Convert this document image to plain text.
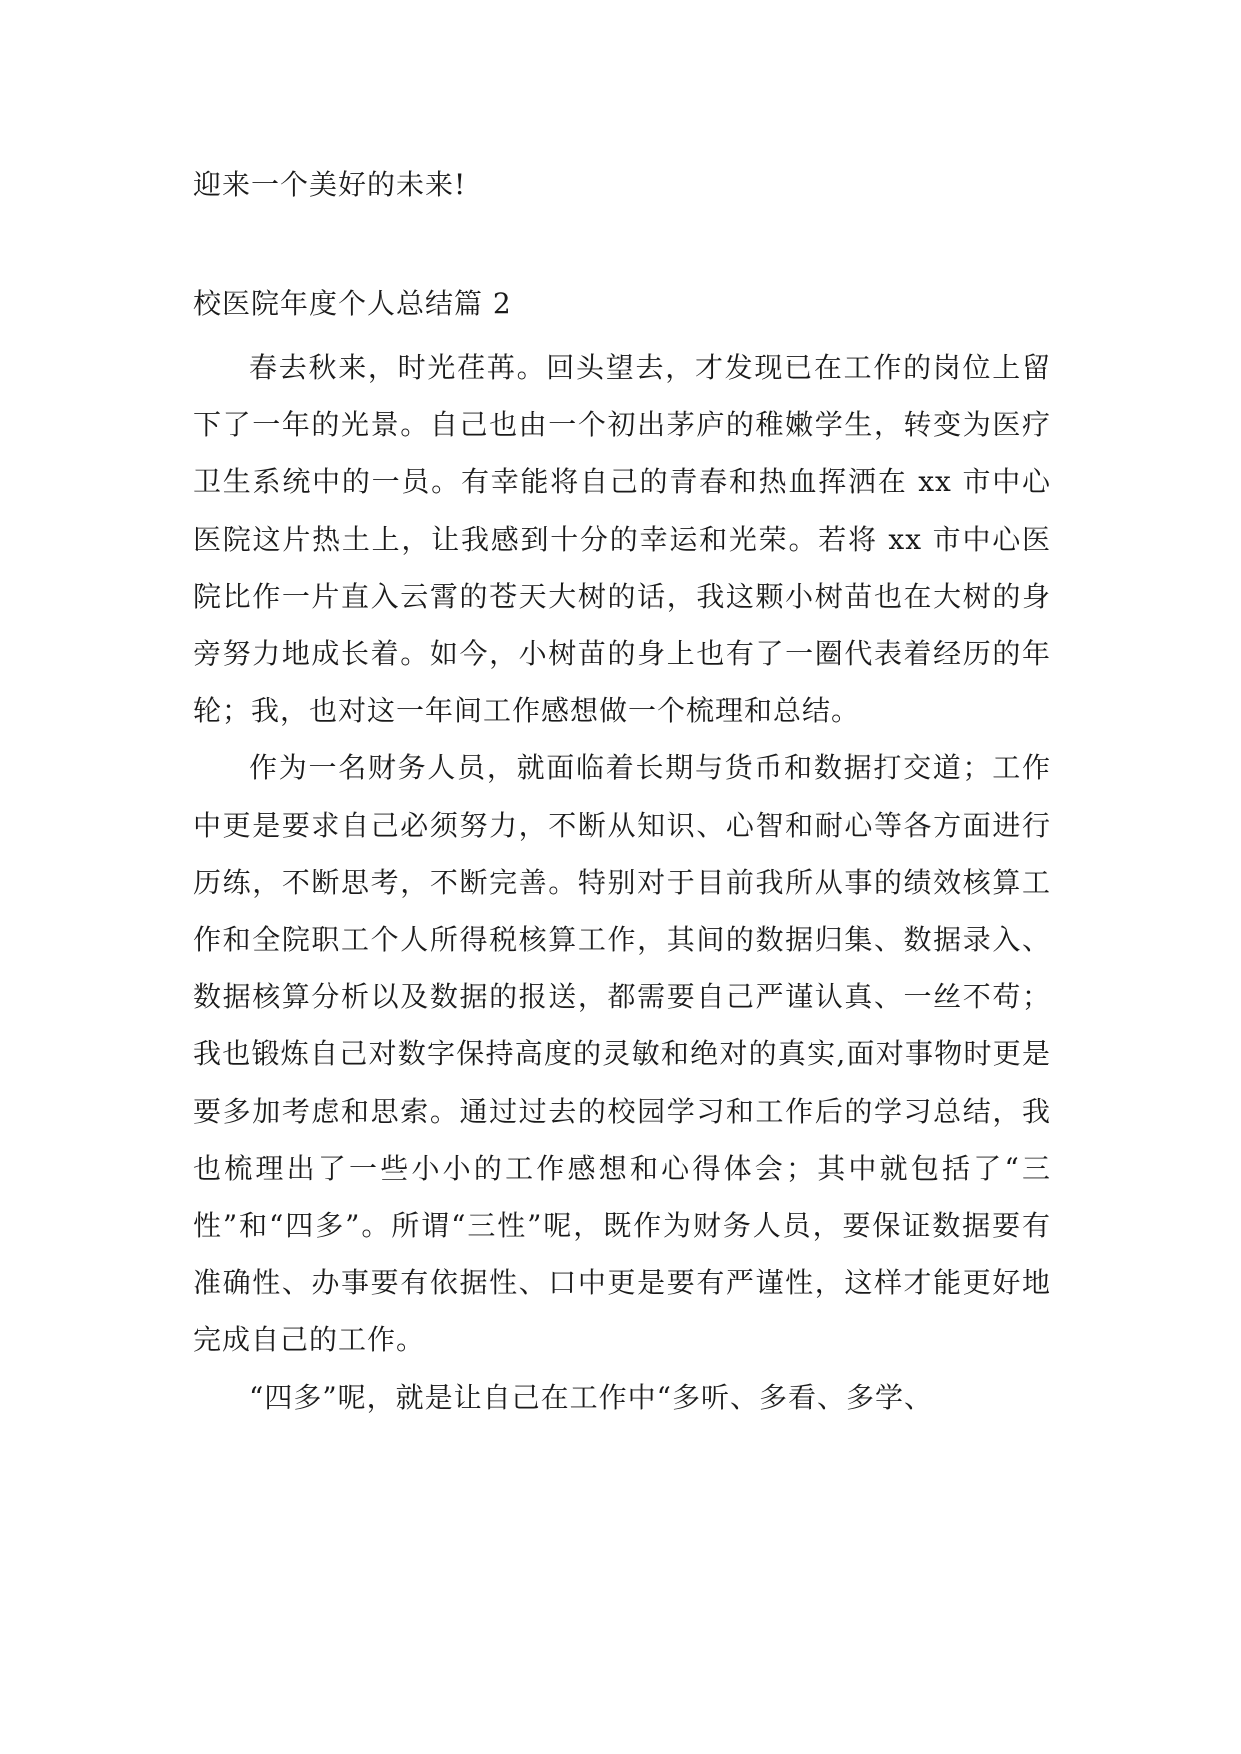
迎来一个美好的未来!
校医院年度个人总结篇 2

春去秋来，时光荏苒。回头望去，才发现已在工作的岗位上留下了一年的光景。自己也由一个初出茅庐的稚嫩学生，转变为医疗卫生系统中的一员。有幸能将自己的青春和热血挥洒在 xx 市中心医院这片热土上，让我感到十分的幸运和光荣。若将 xx 市中心医院比作一片直入云霄的苍天大树的话，我这颗小树苗也在大树的身旁努力地成长着。如今，小树苗的身上也有了一圈代表着经历的年轮；我，也对这一年间工作感想做一个梳理和总结。

作为一名财务人员，就面临着长期与货币和数据打交道；工作中更是要求自己必须努力，不断从知识、心智和耐心等各方面进行历练，不断思考，不断完善。特别对于目前我所从事的绩效核算工作和全院职工个人所得税核算工作，其间的数据归集、数据录入、数据核算分析以及数据的报送，都需要自己严谨认真、一丝不苟；我也锻炼自己对数字保持高度的灵敏和绝对的真实,面对事物时更是要多加考虑和思索。通过过去的校园学习和工作后的学习总结，我也梳理出了一些小小的工作感想和心得体会；其中就包括了“三性”和“四多”。所谓“三性”呢，既作为财务人员，要保证数据要有准确性、办事要有依据性、口中更是要有严谨性，这样才能更好地完成自己的工作。

“四多”呢，就是让自己在工作中“多听、多看、多学、
